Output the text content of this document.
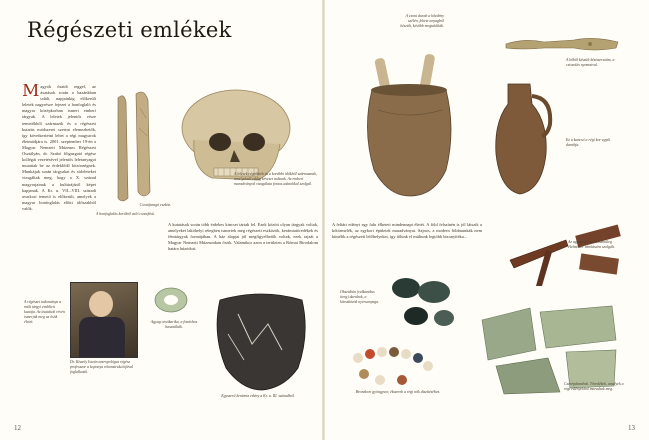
Régészeti emlékek
Magyok ősatdi reggel, az ásatások során a hazánkban talált, napjainkig előkerült leletek nagyrésze fejezet a honfoglaló és magyar középkorban ismert emberi tárgyak. A leletek jelentős része temetőkből származik és a régészeti kutatás módszerei szerint elemezhetők, így következtetni lehet a régi magyarok életmódjára is. 2001. szeptember 19-én a Magyar Nemzeti Múzeum Régészeti Osztályán, dr. Szabó főigazgató régész kollégái vezetésével jelentős leletanyagot mutattak be az érdeklődő közönségnek. Munkájuk során tárgyakat és sírleleteket vizsgáltak meg, hogy a X. század magyarjainak a kultúrájáról képet kapjanak. A Kr. u. VII.–VIII. századi avarkori temető is előkerült, amelyek a magyar honfoglalás előtti időszakból valók.
Csontfaragó eszköz.
A honfoglalás korából való csontfésű.
A leletek régebbiek és a korábbi időkből származnak, amelyekről eddig keveset tudtunk. Az emberi maradványok vizsgálata fontos adatokkal szolgál.
A csont darab a kőedény szélén, fekete anyagból készült, később megtalálták.
Ez a kancsó a régi kor egyik darabja.
A kőből készült kéziszerszám, a csiszolás nyomaival.
A kutatások során több érdekes kincset tártak fel. Ezek között olyan tárgyak voltak, amelyeket lakóhelyi rétegben ismertek meg régészeti eszközök, kerámiatöredékek és fémtárgyak formájában. A ház alapjai jól megfigyelhetők voltak, ezek rajzát a Magyar Nemzeti Múzeumban őrzik. Valamikor azon a területen a Római Birodalom határa húzódott.
A feltárt edényt egy falu élhetett mindennapi életét. A föld felszínén is jól látszik a kőtörmelék, az egykori épületek maradványai. Sajnos, a modern földmunkák nem kímélik a régészeti lelőhelyeket, így tőlünk el múltunk legtöbb bizonyítéka...
Az agyagedény valószínűleg élelmiszer tárolására szolgált.
Dr. Kiszely István antropológus régész professzor a koponya rekonstrukciójával foglalkozik.
A régészet tudománya a múlt tárgyi emlékeit kutatja. Az ásatások révén ismerjük meg az ősök életét.	Agyag orsókarika, a fonáshoz használták.
Egyszerű kerámia edény a Kr. u. III. századból.
Obszidián (vulkanikus üveg) darabok, a kőeszközök nyersanyaga.
Bronzkori gyöngysor, ékszerek a régi nők díszítéséhez.
Cserépdarabok. Töredékek, amelyek a régi edényekből maradtak meg.
12	13
